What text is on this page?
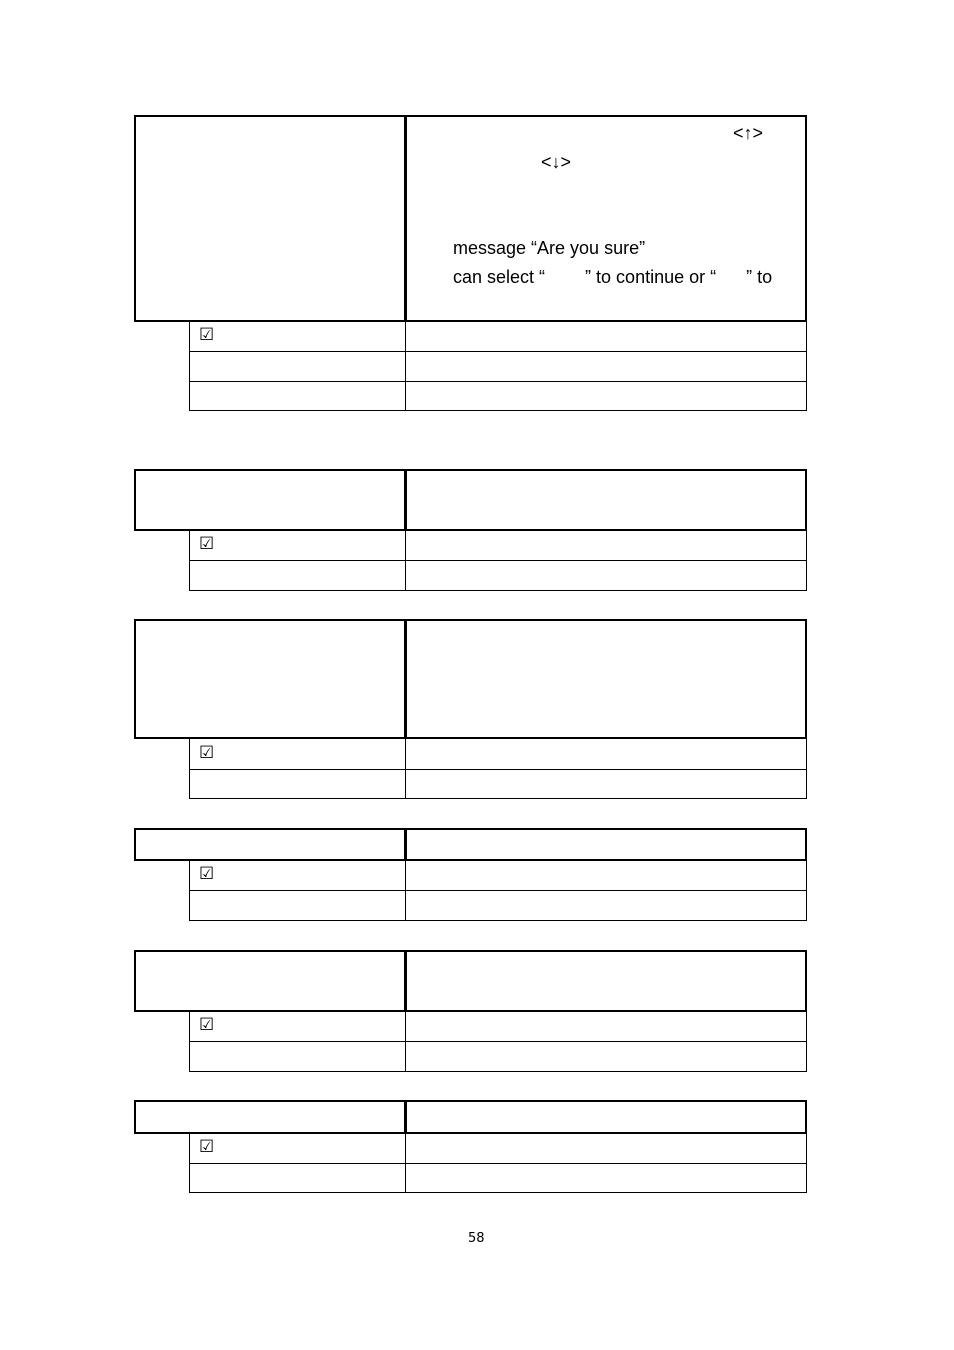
<↑>
<↓>
message “Are you sure”
can select “        ” to continue or “      ” to
☑
☑
☑
☑
☑
☑
58
